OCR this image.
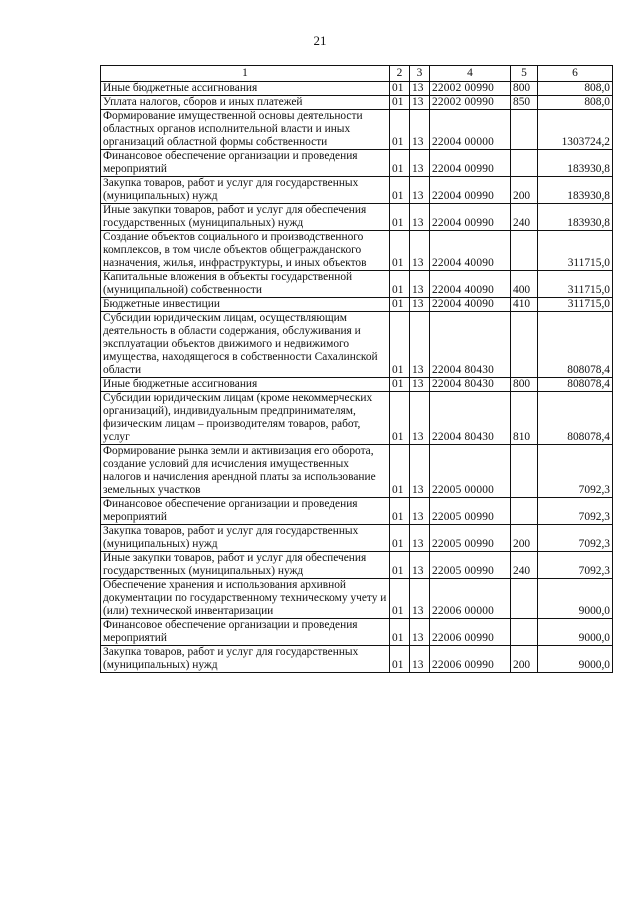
21
1	2	3	4	5	6
Иные бюджетные ассигнования	01	13	22002 00990	800	808,0
Уплата налогов, сборов и иных платежей	01	13	22002 00990	850	808,0
Формирование имущественной основы деятельности областных органов исполнительной власти и иных организаций областной формы собственности	01	13	22004 00000		1303724,2
Финансовое обеспечение организации и проведения мероприятий	01	13	22004 00990		183930,8
Закупка товаров, работ и услуг для государственных (муниципальных) нужд	01	13	22004 00990	200	183930,8
Иные закупки товаров, работ и услуг для обеспечения государственных (муниципальных) нужд	01	13	22004 00990	240	183930,8
Создание объектов социального и производственного комплексов, в том числе объектов общегражданского назначения, жилья, инфраструктуры, и иных объектов	01	13	22004 40090		311715,0
Капитальные вложения в объекты государственной (муниципальной) собственности	01	13	22004 40090	400	311715,0
Бюджетные инвестиции	01	13	22004 40090	410	311715,0
Субсидии юридическим лицам, осуществляющим деятельность в области содержания, обслуживания и эксплуатации объектов движимого и недвижимого имущества, находящегося в собственности Сахалинской области	01	13	22004 80430		808078,4
Иные бюджетные ассигнования	01	13	22004 80430	800	808078,4
Субсидии юридическим лицам (кроме некоммерческих организаций), индивидуальным предпринимателям, физическим лицам – производителям товаров, работ, услуг	01	13	22004 80430	810	808078,4
Формирование рынка земли и активизация его оборота, создание условий для исчисления имущественных налогов и начисления арендной платы за использование земельных участков	01	13	22005 00000		7092,3
Финансовое обеспечение организации и проведения мероприятий	01	13	22005 00990		7092,3
Закупка товаров, работ и услуг для государственных (муниципальных) нужд	01	13	22005 00990	200	7092,3
Иные закупки товаров, работ и услуг для обеспечения государственных (муниципальных) нужд	01	13	22005 00990	240	7092,3
Обеспечение хранения и использования архивной документации по государственному техническому учету и (или) технической инвентаризации	01	13	22006 00000		9000,0
Финансовое обеспечение организации и проведения мероприятий	01	13	22006 00990		9000,0
Закупка товаров, работ и услуг для государственных (муниципальных) нужд	01	13	22006 00990	200	9000,0
